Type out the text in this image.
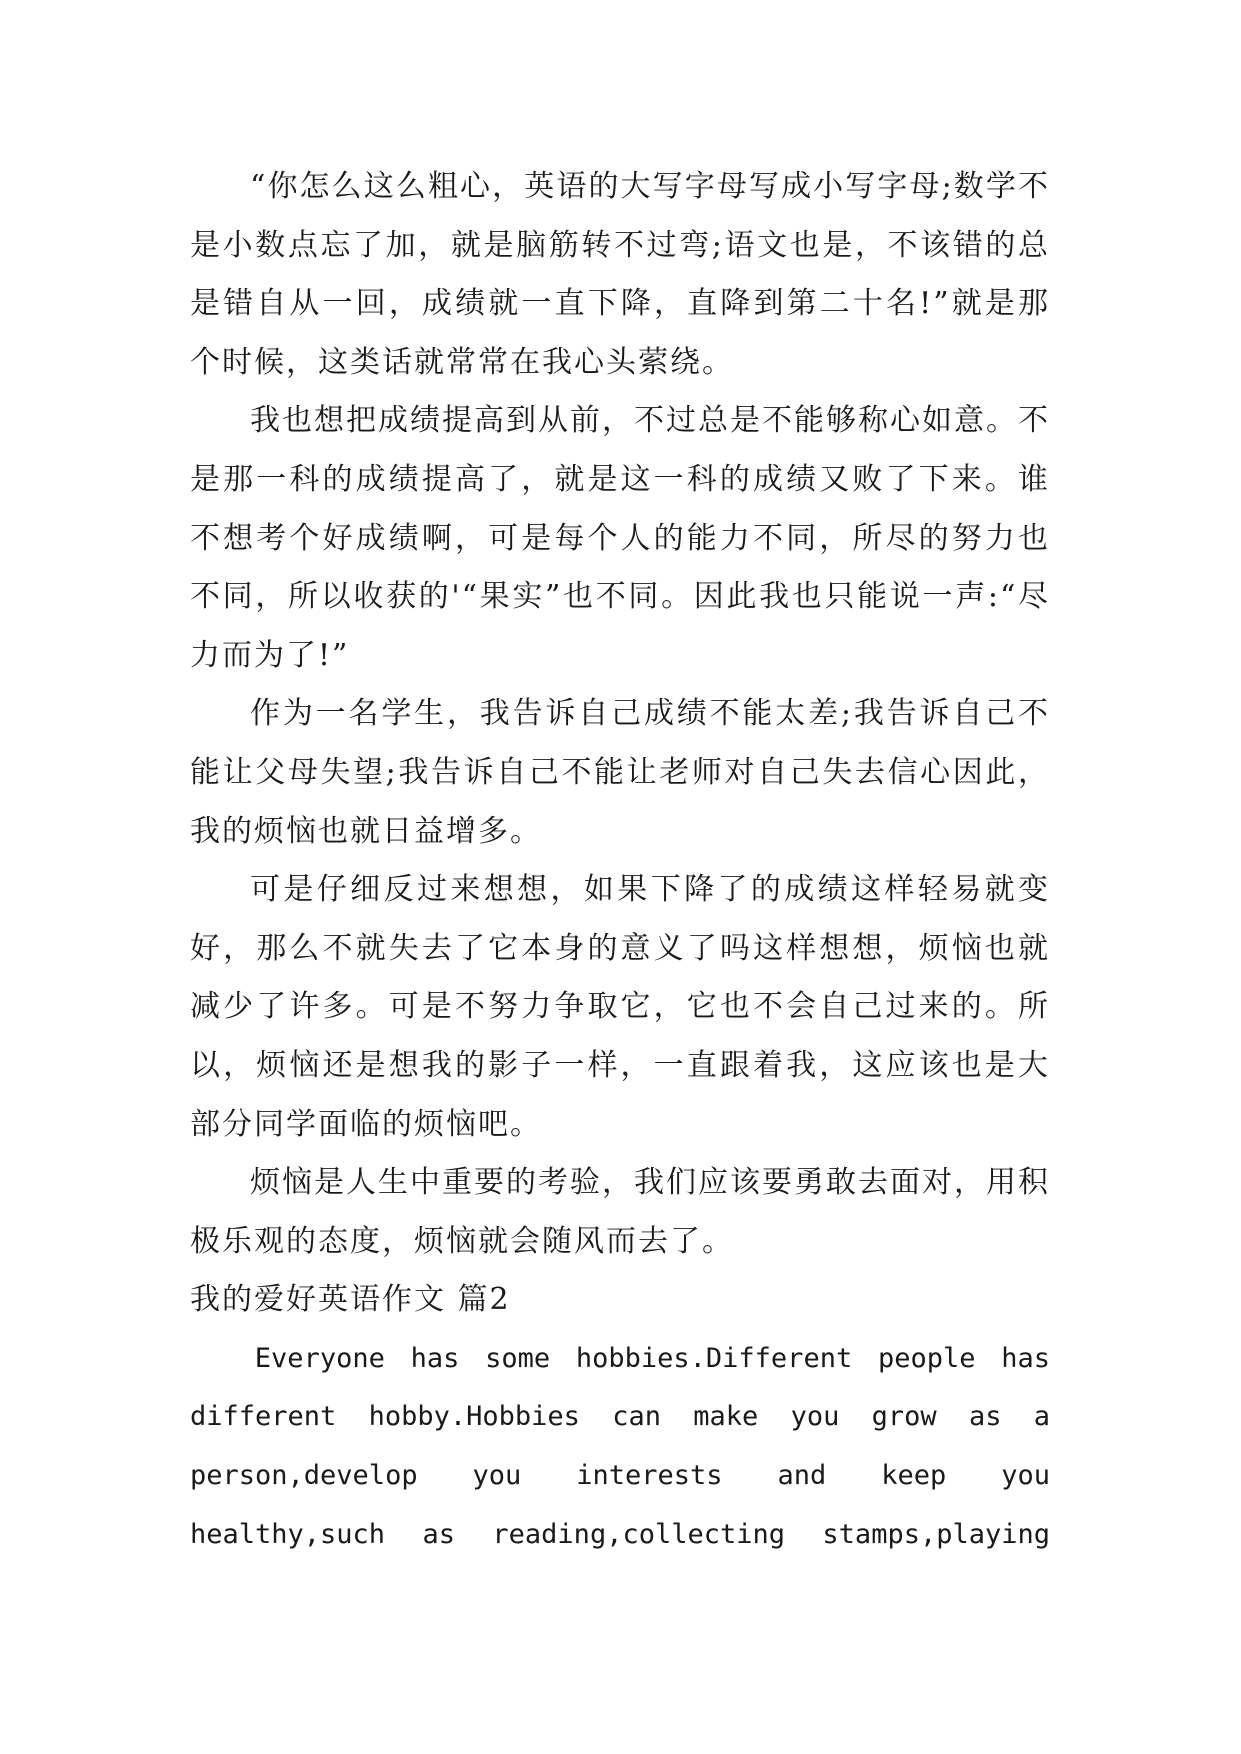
“你怎么这么粗心，英语的大写字母写成小写字母;数学不是小数点忘了加，就是脑筋转不过弯;语文也是，不该错的总是错自从一回，成绩就一直下降，直降到第二十名!”就是那个时候，这类话就常常在我心头萦绕。

我也想把成绩提高到从前，不过总是不能够称心如意。不是那一科的成绩提高了，就是这一科的成绩又败了下来。谁不想考个好成绩啊，可是每个人的能力不同，所尽的努力也不同，所以收获的'“果实”也不同。因此我也只能说一声:“尽力而为了!”

作为一名学生，我告诉自己成绩不能太差;我告诉自己不能让父母失望;我告诉自己不能让老师对自己失去信心因此，我的烦恼也就日益增多。

可是仔细反过来想想，如果下降了的成绩这样轻易就变好，那么不就失去了它本身的意义了吗这样想想，烦恼也就减少了许多。可是不努力争取它，它也不会自己过来的。所以，烦恼还是想我的影子一样，一直跟着我，这应该也是大部分同学面临的烦恼吧。

烦恼是人生中重要的考验，我们应该要勇敢去面对，用积极乐观的态度，烦恼就会随风而去了。

我的爱好英语作文 篇2

Everyone has some hobbies.Different people has different hobby.Hobbies can make you grow as a person,develop you interests and keep you healthy,such as reading,collecting stamps,playing
